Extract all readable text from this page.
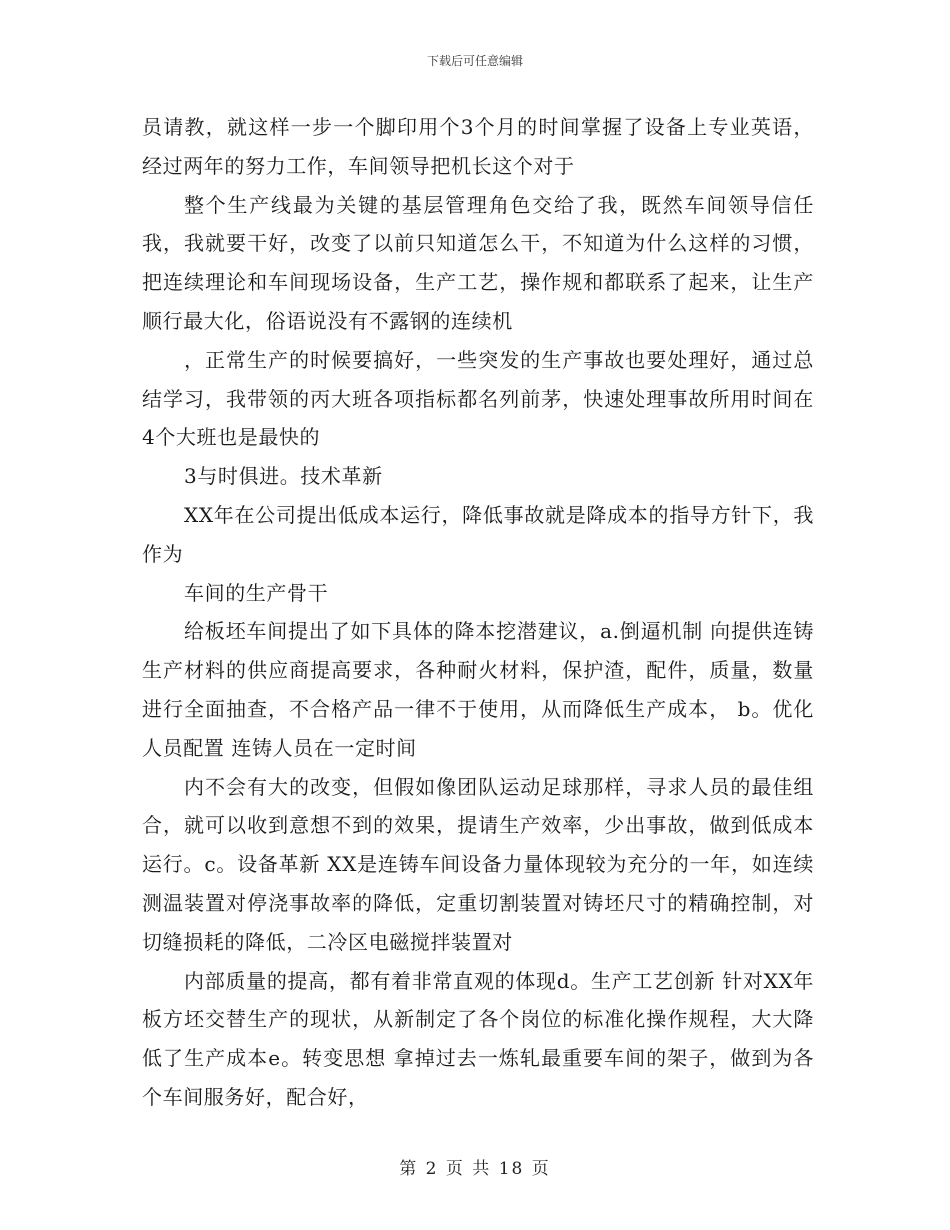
下载后可任意编辑

员请教，就这样一步一个脚印用个3个月的时间掌握了设备上专业英语，经过两年的努力工作，车间领导把机长这个对于

整个生产线最为关键的基层管理角色交给了我，既然车间领导信任我，我就要干好，改变了以前只知道怎么干，不知道为什么这样的习惯，把连续理论和车间现场设备，生产工艺，操作规和都联系了起来，让生产顺行最大化，俗语说没有不露钢的连续机

，正常生产的时候要搞好，一些突发的生产事故也要处理好，通过总结学习，我带领的丙大班各项指标都名列前茅，快速处理事故所用时间在4个大班也是最快的

3与时俱进。技术革新

XX年在公司提出低成本运行，降低事故就是降成本的指导方针下，我作为

车间的生产骨干

给板坯车间提出了如下具体的降本挖潜建议，a.倒逼机制 向提供连铸生产材料的供应商提高要求，各种耐火材料，保护渣，配件，质量，数量进行全面抽查，不合格产品一律不于使用，从而降低生产成本， b。优化人员配置 连铸人员在一定时间

内不会有大的改变，但假如像团队运动足球那样，寻求人员的最佳组合，就可以收到意想不到的效果，提请生产效率，少出事故，做到低成本运行。c。设备革新 XX是连铸车间设备力量体现较为充分的一年，如连续测温装置对停浇事故率的降低，定重切割装置对铸坯尺寸的精确控制，对切缝损耗的降低，二冷区电磁搅拌装置对

内部质量的提高，都有着非常直观的体现d。生产工艺创新 针对XX年板方坯交替生产的现状，从新制定了各个岗位的标准化操作规程，大大降低了生产成本e。转变思想 拿掉过去一炼轧最重要车间的架子，做到为各个车间服务好，配合好，

第 2 页 共 18 页
